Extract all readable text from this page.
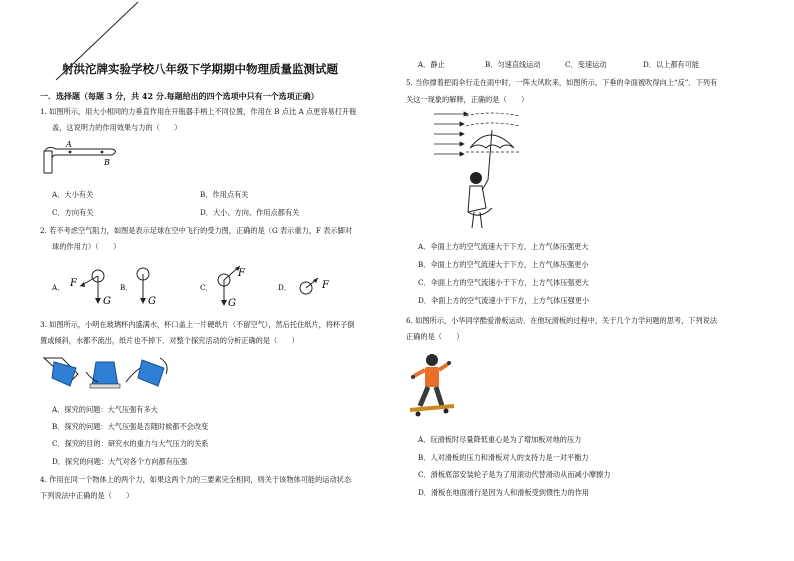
射洪沱牌实验学校八年级下学期期中物理质量监测试题
一．选择题（每题 3 分，共 42 分.每题给出的四个选项中只有一个选项正确）
1. 如图所示，用大小相同的力垂直作用在开瓶器手柄上不同位置，作用在 B 点比 A 点更容易打开瓶
盖，这说明力的作用效果与力的（　　）
A
B
A．大小有关	B．作用点有关
C．方向有关	D．大小、方向、作用点都有关
2. 若不考虑空气阻力，如图是表示足球在空中飞行的受力图，正确的是（G 表示重力，F 表示脚对
球的作用力）（　　）
A． F
G
B．
G
C．
F
G
D．	F
3. 如图所示，小明在玻璃杯内盛满水，杯口盖上一片硬纸片（不留空气），然后托住纸片，将杯子倒
置或倾斜，水都不流出，纸片也不掉下．对整个探究活动的分析正确的是（　　）
A．探究的问题：大气压强有多大
B．探究的问题：大气压强是否随时候都不会改变
C．探究的目的：研究水的重力与大气压力的关系
D．探究的问题：大气对各个方向都有压强
4. 作用在同一个物体上的两个力，如果这两个力的三要素完全相同，则关于该物体可能的运动状态
下列说法中正确的是（　　）
A．静止	B．匀速直线运动	C．变速运动	D．以上都有可能
5. 当你撑着把雨伞行走在雨中时，一阵大风吹来，如图所示，下垂的伞面被吹得向上“反”．下列有
关这一现象的解释，正确的是（　　）
A．伞面上方的空气流速大于下方，上方气体压强更大
B．伞面上方的空气流速大于下方，上方气体压强更小
C．伞面上方的空气流速小于下方，上方气体压强更大
D．伞面上方的空气流速小于下方，上方气体压强更小
6. 如图所示，小华同学酷爱滑板运动．在他玩滑板的过程中，关于几个力学问题的思考，下列说法
正确的是（　　）
A．玩滑板时尽量降低重心是为了增加板对地的压力
B．人对滑板的压力和滑板对人的支持力是一对平衡力
C．滑板底部安装轮子是为了用滚动代替滑动从而减小摩擦力
D．滑板在地面滑行是因为人和滑板受到惯性力的作用
